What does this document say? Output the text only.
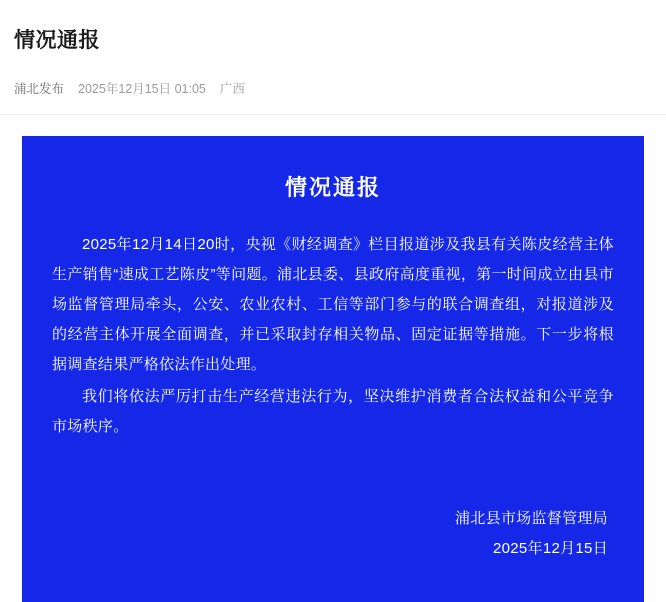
情况通报
浦北发布 2025年12月15日 01:05 广西
情况通报

2025年12月14日20时，央视《财经调查》栏目报道涉及我县有关陈皮经营主体生产销售“速成工艺陈皮”等问题。浦北县委、县政府高度重视，第一时间成立由县市场监督管理局牵头，公安、农业农村、工信等部门参与的联合调查组，对报道涉及的经营主体开展全面调查，并已采取封存相关物品、固定证据等措施。下一步将根据调查结果严格依法作出处理。

我们将依法严厉打击生产经营违法行为，坚决维护消费者合法权益和公平竞争市场秩序。

浦北县市场监督管理局
2025年12月15日
